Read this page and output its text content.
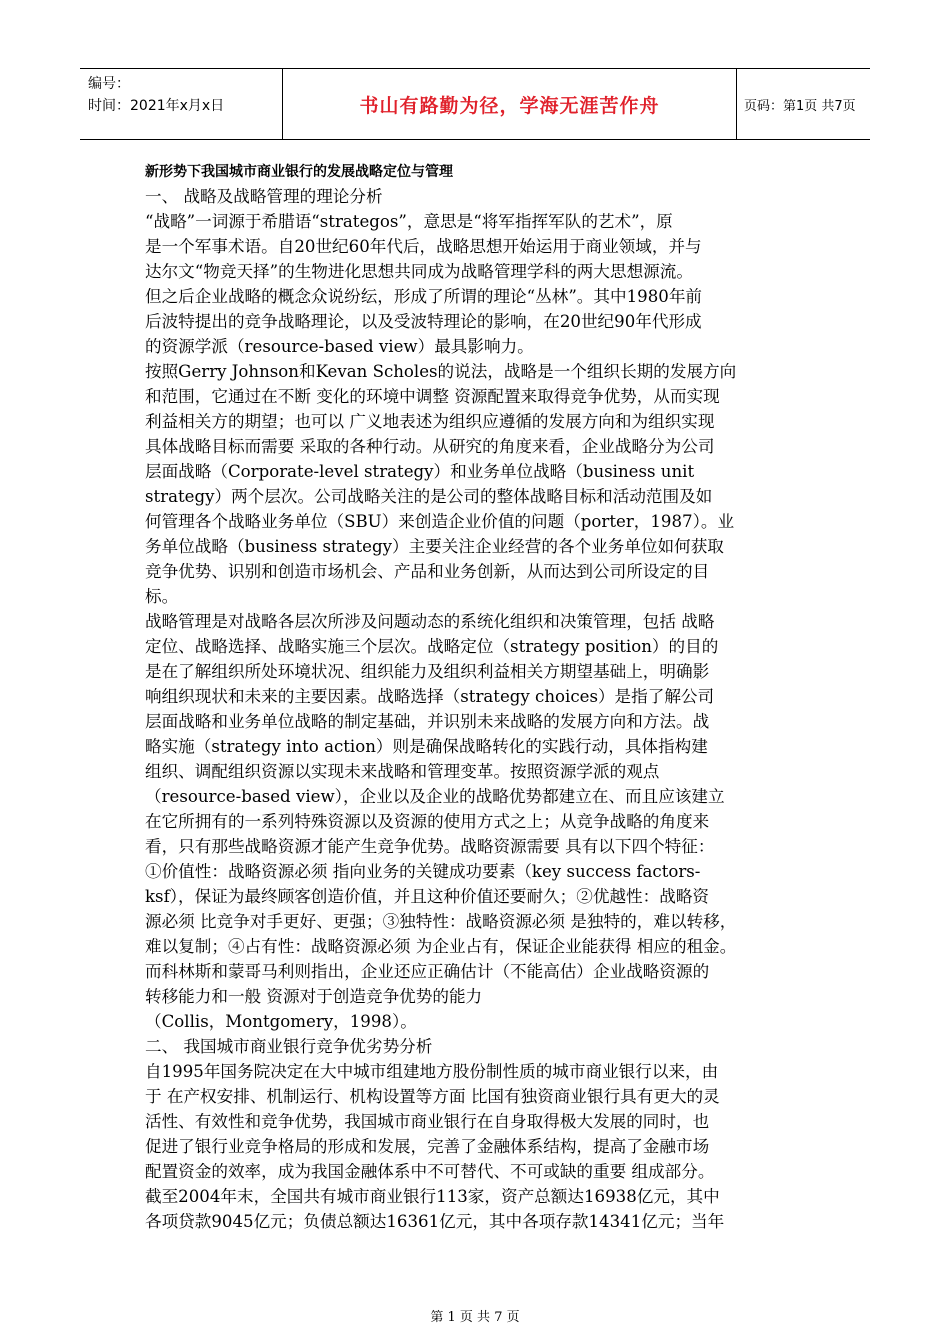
编号：
时间：2021年x月x日	书山有路勤为径，学海无涯苦作舟	页码：第1页 共7页

新形势下我国城市商业银行的发展战略定位与管理

一、 战略及战略管理的理论分析

“战略”一词源于希腊语“strategos”，意思是“将军指挥军队的艺术”，原

是一个军事术语。自20世纪60年代后，战略思想开始运用于商业领域，并与

达尔文“物竞天择”的生物进化思想共同成为战略管理学科的两大思想源流。

但之后企业战略的概念众说纷纭，形成了所谓的理论“丛林”。其中1980年前

后波特提出的竞争战略理论，以及受波特理论的影响，在20世纪90年代形成

的资源学派（resource-based view）最具影响力。

按照Gerry Johnson和Kevan Scholes的说法，战略是一个组织长期的发展方向

和范围，它通过在不断 变化的环境中调整 资源配置来取得竞争优势，从而实现

利益相关方的期望；也可以 广义地表述为组织应遵循的发展方向和为组织实现

具体战略目标而需要 采取的各种行动。从研究的角度来看，企业战略分为公司

层面战略（Corporate-level strategy）和业务单位战略（business unit

strategy）两个层次。公司战略关注的是公司的整体战略目标和活动范围及如

何管理各个战略业务单位（SBU）来创造企业价值的问题（porter，1987）。业

务单位战略（business strategy）主要关注企业经营的各个业务单位如何获取

竞争优势、识别和创造市场机会、产品和业务创新，从而达到公司所设定的目

标。

战略管理是对战略各层次所涉及问题动态的系统化组织和决策管理，包括 战略

定位、战略选择、战略实施三个层次。战略定位（strategy position）的目的

是在了解组织所处环境状况、组织能力及组织利益相关方期望基础上，明确影

响组织现状和未来的主要因素。战略选择（strategy choices）是指了解公司

层面战略和业务单位战略的制定基础，并识别未来战略的发展方向和方法。战

略实施（strategy into action）则是确保战略转化的实践行动，具体指构建

组织、调配组织资源以实现未来战略和管理变革。按照资源学派的观点

（resource-based view），企业以及企业的战略优势都建立在、而且应该建立

在它所拥有的一系列特殊资源以及资源的使用方式之上；从竞争战略的角度来

看，只有那些战略资源才能产生竞争优势。战略资源需要 具有以下四个特征：

①价值性：战略资源必须 指向业务的关键成功要素（key success factors-

ksf），保证为最终顾客创造价值，并且这种价值还要耐久；②优越性：战略资

源必须 比竞争对手更好、更强；③独特性：战略资源必须 是独特的，难以转移，

难以复制；④占有性：战略资源必须 为企业占有，保证企业能获得 相应的租金。

而科林斯和蒙哥马利则指出，企业还应正确估计（不能高估）企业战略资源的

转移能力和一般 资源对于创造竞争优势的能力

（Collis，Montgomery，1998）。

二、 我国城市商业银行竞争优劣势分析

自1995年国务院决定在大中城市组建地方股份制性质的城市商业银行以来，由

于 在产权安排、机制运行、机构设置等方面 比国有独资商业银行具有更大的灵

活性、有效性和竞争优势，我国城市商业银行在自身取得极大发展的同时，也

促进了银行业竞争格局的形成和发展，完善了金融体系结构，提高了金融市场

配置资金的效率，成为我国金融体系中不可替代、不可或缺的重要 组成部分。

截至2004年末，全国共有城市商业银行113家，资产总额达16938亿元，其中

各项贷款9045亿元；负债总额达16361亿元，其中各项存款14341亿元；当年

第 1 页 共 7 页
